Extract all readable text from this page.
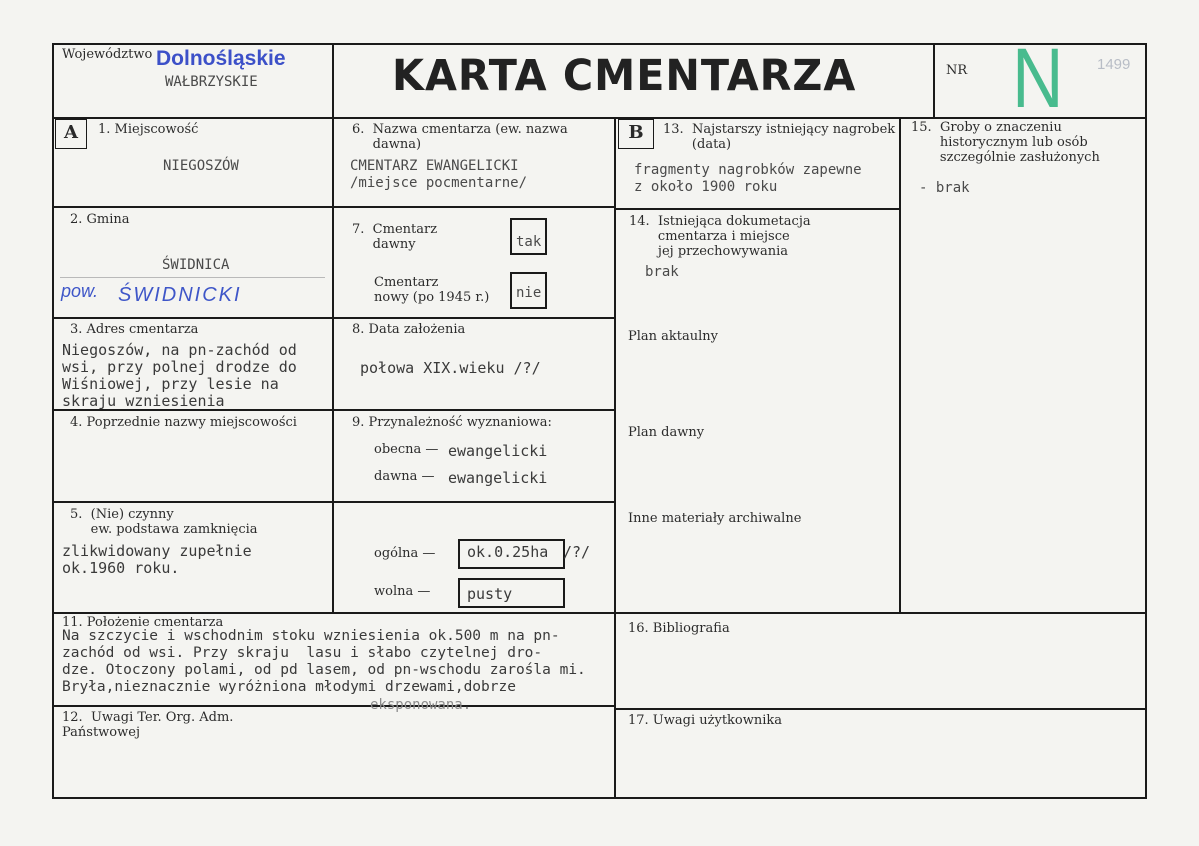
Województwo Dolnośląskie
WAŁBRZYSKIE	KARTA CMENTARZA	NR N 1499
A	1. Miejscowość
NIEGOSZÓW
2. Gmina
ŚWIDNICA
pow. ŚWIDNICKI
3. Adres cmentarza
Niegoszów, na pn-zachód od
wsi, przy polnej drodze do
Wiśniowej, przy lesie na
skraju wzniesienia
4. Poprzednie nazwy miejscowości
5.  (Nie) czynny
ew. podstawa zamknięcia
zlikwidowany zupełnie
ok.1960 roku.
6.  Nazwa cmentarza (ew. nazwa
dawna)
CMENTARZ EWANGELICKI
/miejsce pocmentarne/
7.  Cmentarz
dawny	tak
Cmentarz
nowy (po 1945 r.) nie
8. Data założenia
połowa XIX.wieku /?/
9. Przynależność wyznaniowa:
obecna — ewangelicki
dawna — ewangelicki
ogólna — ok.0.25ha /?/
wolna — pusty
B	13.  Najstarszy istniejący nagrobek
(data)
fragmenty nagrobków zapewne
z około 1900 roku
14.  Istniejąca dokumetacja
cmentarza i miejsce
jej przechowywania
brak
Plan aktaulny
Plan dawny
Inne materiały archiwalne
15.  Groby o znaczeniu
historycznym lub osób
szczególnie zasłużonych
- brak
16. Bibliografia
17. Uwagi użytkownika
11. Położenie cmentarza
Na szczycie i wschodnim stoku wzniesienia ok.500 m na pn-
zachód od wsi. Przy skraju  lasu i słabo czytelnej dro-
dze. Otoczony polami, od pd lasem, od pn-wschodu zarośla mi.
Bryła,nieznacznie wyróżniona młodymi drzewami,dobrze
eksponowana.
12.  Uwagi Ter. Org. Adm.
Państwowej
